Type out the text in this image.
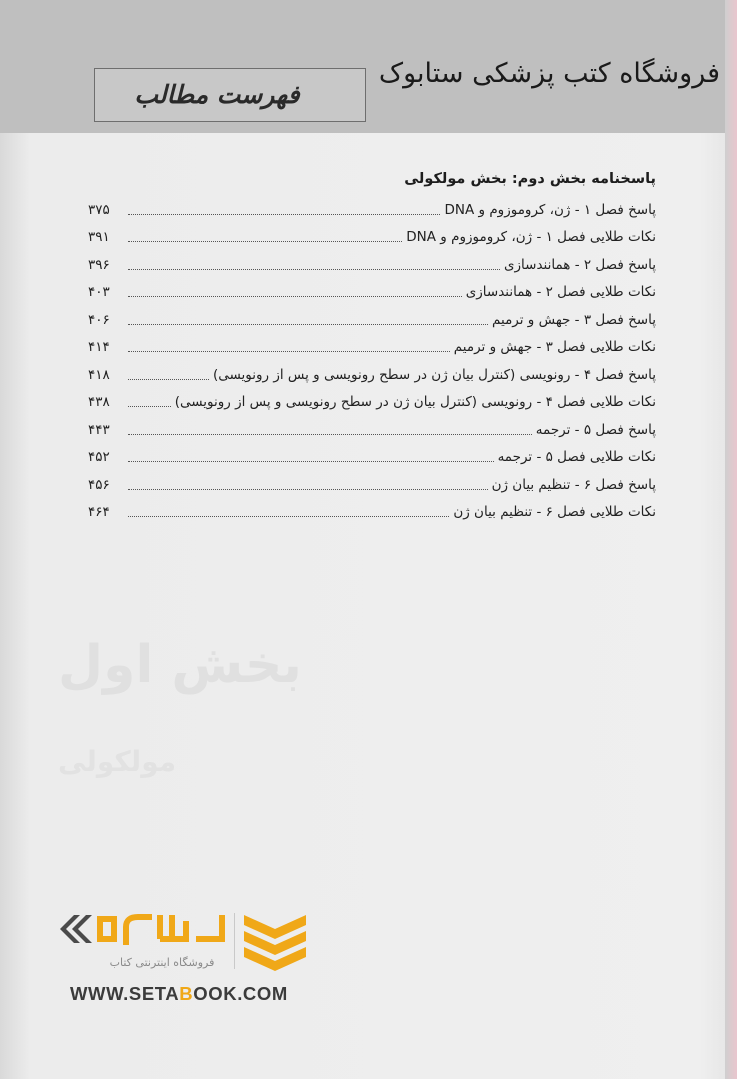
فروشگاه کتب پزشکی ستابوک
فهرست مطالب
بخش اول
مولکولی
پاسخنامه بخش دوم: بخش مولکولی
پاسخ فصل ۱ - ژن، کروموزوم و DNA
۳۷۵
نکات طلایی فصل ۱ - ژن، کروموزوم و DNA
۳۹۱
پاسخ فصل ۲ - همانندسازی
۳۹۶
نکات طلایی فصل ۲ - همانندسازی
۴۰۳
پاسخ فصل ۳ - جهش و ترمیم
۴۰۶
نکات طلایی فصل ۳ - جهش و ترمیم
۴۱۴
پاسخ فصل ۴ - رونویسی (کنترل بیان ژن در سطح رونویسی و پس از رونویسی)
۴۱۸
نکات طلایی فصل ۴ - رونویسی (کنترل بیان ژن در سطح رونویسی و پس از رونویسی)
۴۳۸
پاسخ فصل ۵ - ترجمه
۴۴۳
نکات طلایی فصل ۵ - ترجمه
۴۵۲
پاسخ فصل ۶ - تنظیم بیان ژن
۴۵۶
نکات طلایی فصل ۶ - تنظیم بیان ژن
۴۶۴
فروشگاه اینترنتی کتاب
WWW.SETABOOK.COM
